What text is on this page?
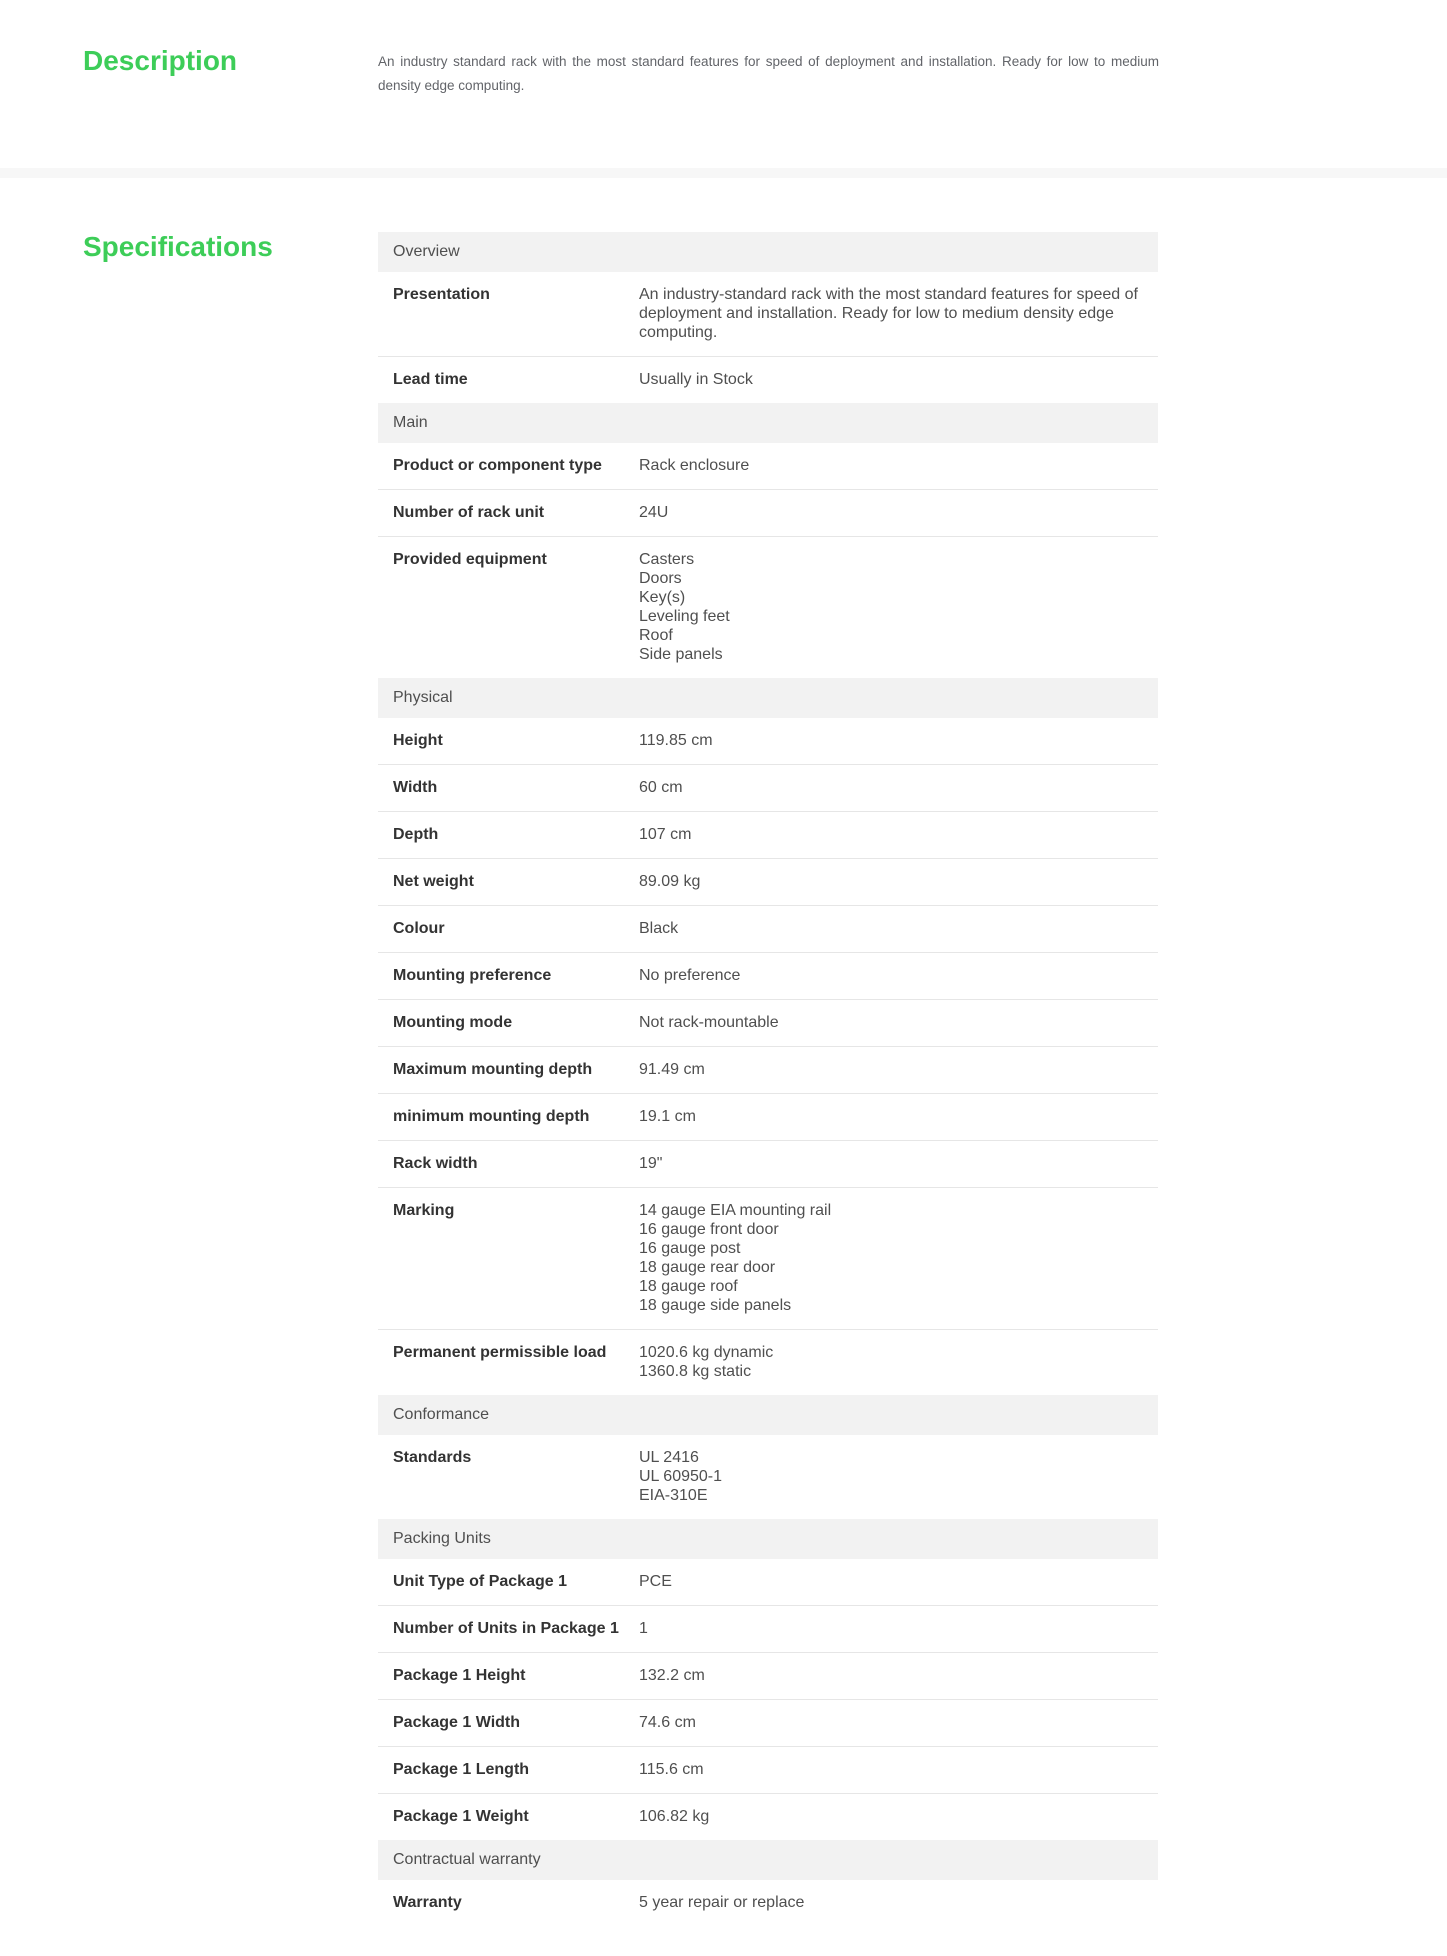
Description	An industry standard rack with the most standard features for speed of deployment and installation. Ready for low to medium density edge computing.

Specifications	Overview
Presentation	An industry-standard rack with the most standard features for speed of deployment and installation. Ready for low to medium density edge computing.
Lead time	Usually in Stock
Main
Product or component type	Rack enclosure
Number of rack unit	24U
Provided equipment	Casters
Doors
Key(s)
Leveling feet
Roof
Side panels
Physical
Height	119.85 cm
Width	60 cm
Depth	107 cm
Net weight	89.09 kg
Colour	Black
Mounting preference	No preference
Mounting mode	Not rack-mountable
Maximum mounting depth	91.49 cm
minimum mounting depth	19.1 cm
Rack width	19"
Marking	14 gauge EIA mounting rail
16 gauge front door
16 gauge post
18 gauge rear door
18 gauge roof
18 gauge side panels
Permanent permissible load	1020.6 kg dynamic
1360.8 kg static
Conformance
Standards	UL 2416
UL 60950-1
EIA-310E
Packing Units
Unit Type of Package 1	PCE
Number of Units in Package 1	1
Package 1 Height	132.2 cm
Package 1 Width	74.6 cm
Package 1 Length	115.6 cm
Package 1 Weight	106.82 kg
Contractual warranty
Warranty	5 year repair or replace
